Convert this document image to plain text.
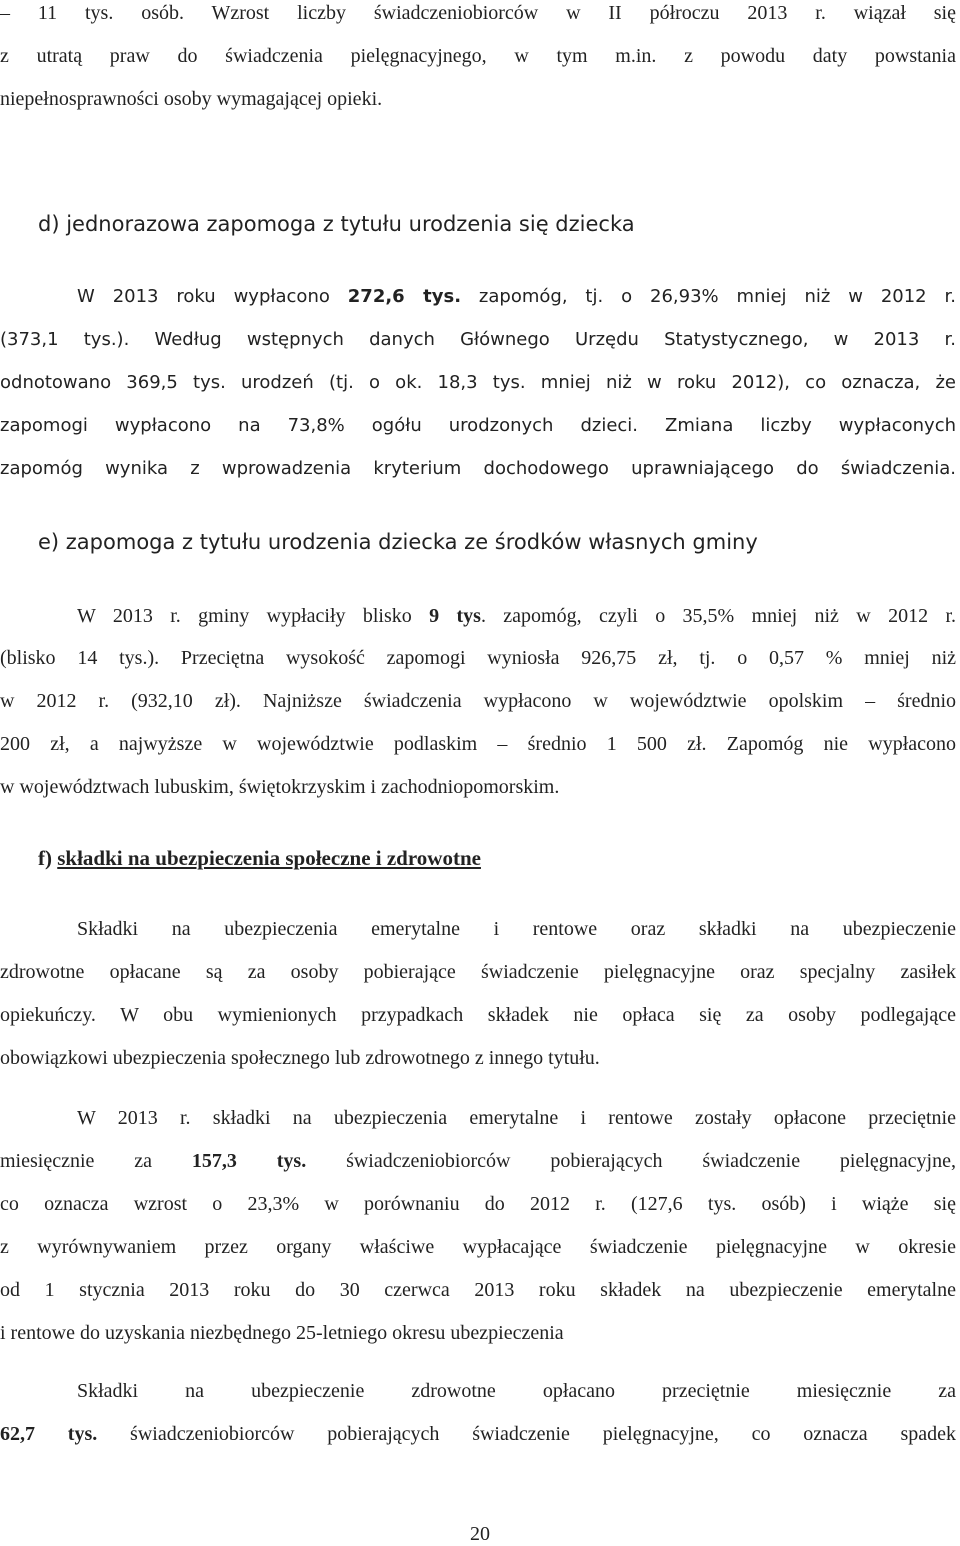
– 11 tys. osób. Wzrost liczby świadczeniobiorców w II półroczu 2013 r. wiązał się
z utratą praw do świadczenia pielęgnacyjnego, w tym m.in. z powodu daty powstania
niepełnosprawności osoby wymagającej opieki.
d) jednorazowa zapomoga z tytułu urodzenia się dziecka
W 2013 roku wypłacono 272,6 tys. zapomóg, tj. o 26,93% mniej niż w 2012 r.
(373,1 tys.). Według wstępnych danych Głównego Urzędu Statystycznego, w 2013 r.
odnotowano 369,5 tys. urodzeń (tj. o ok. 18,3 tys. mniej niż w roku 2012), co oznacza, że
zapomogi wypłacono na 73,8% ogółu urodzonych dzieci. Zmiana liczby wypłaconych
zapomóg wynika z wprowadzenia kryterium dochodowego uprawniającego do świadczenia.
e) zapomoga z tytułu urodzenia dziecka ze środków własnych gminy
W 2013 r. gminy wypłaciły blisko 9 tys. zapomóg, czyli o 35,5% mniej niż w 2012 r.
(blisko 14 tys.). Przeciętna wysokość zapomogi wyniosła 926,75 zł, tj. o 0,57 % mniej niż
w 2012 r. (932,10 zł). Najniższe świadczenia wypłacono w województwie opolskim – średnio
200 zł, a najwyższe w województwie podlaskim – średnio 1 500 zł. Zapomóg nie wypłacono
w województwach lubuskim, świętokrzyskim i zachodniopomorskim.
f) składki na ubezpieczenia społeczne i zdrowotne
Składki na ubezpieczenia emerytalne i rentowe oraz składki na ubezpieczenie
zdrowotne opłacane są za osoby pobierające świadczenie pielęgnacyjne oraz specjalny zasiłek
opiekuńczy. W obu wymienionych przypadkach składek nie opłaca się za osoby podlegające
obowiązkowi ubezpieczenia społecznego lub zdrowotnego z innego tytułu.
W 2013 r. składki na ubezpieczenia emerytalne i rentowe zostały opłacone przeciętnie
miesięcznie za 157,3 tys. świadczeniobiorców pobierających świadczenie pielęgnacyjne,
co oznacza wzrost o 23,3% w porównaniu do 2012 r. (127,6 tys. osób) i wiąże się
z wyrównywaniem przez organy właściwe wypłacające świadczenie pielęgnacyjne w okresie
od 1 stycznia 2013 roku do 30 czerwca 2013 roku składek na ubezpieczenie emerytalne
i rentowe do uzyskania niezbędnego 25-letniego okresu ubezpieczenia
Składki na ubezpieczenie zdrowotne opłacano przeciętnie miesięcznie za
62,7 tys. świadczeniobiorców pobierających świadczenie pielęgnacyjne, co oznacza spadek
20
